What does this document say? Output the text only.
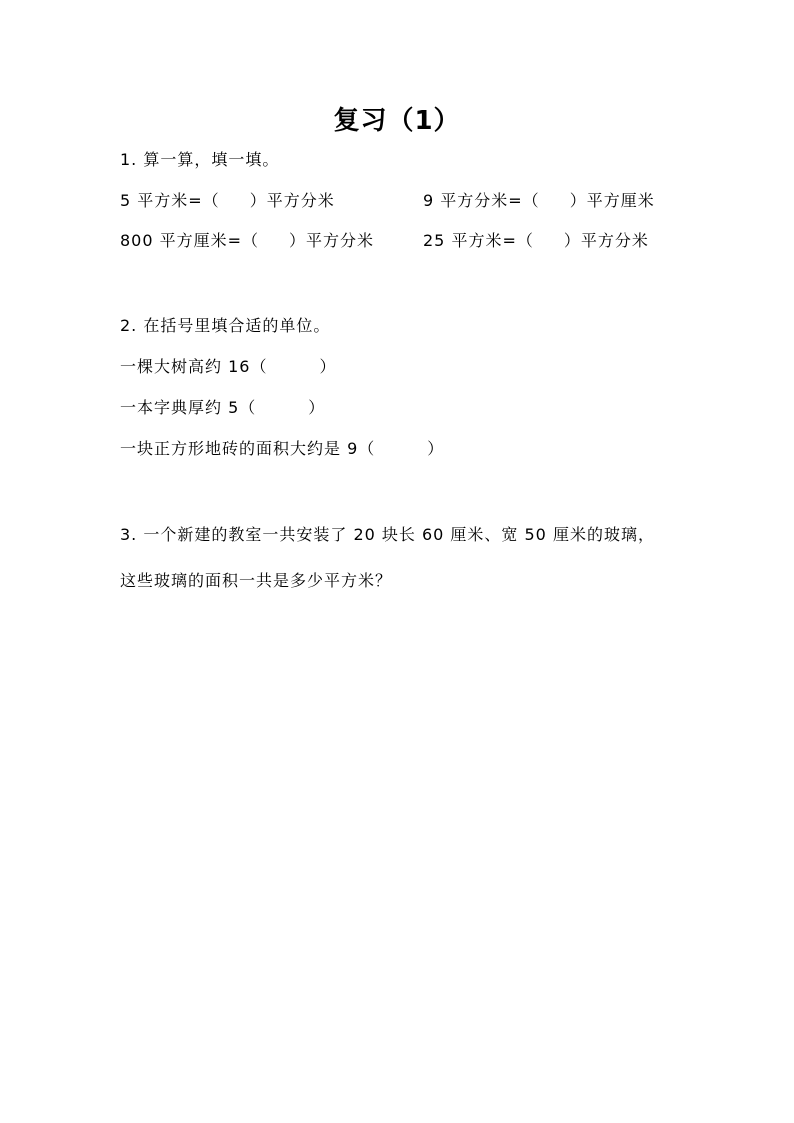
复习（1）
1. 算一算，填一填。
5 平方米=（ ）平方分米	9 平方分米=（ ）平方厘米
800 平方厘米=（ ）平方分米	25 平方米=（ ）平方分米
2. 在括号里填合适的单位。
一棵大树高约 16（	）
一本字典厚约 5（	）
一块正方形地砖的面积大约是 9（	）
3. 一个新建的教室一共安装了 20 块长 60 厘米、宽 50 厘米的玻璃，
这些玻璃的面积一共是多少平方米？
